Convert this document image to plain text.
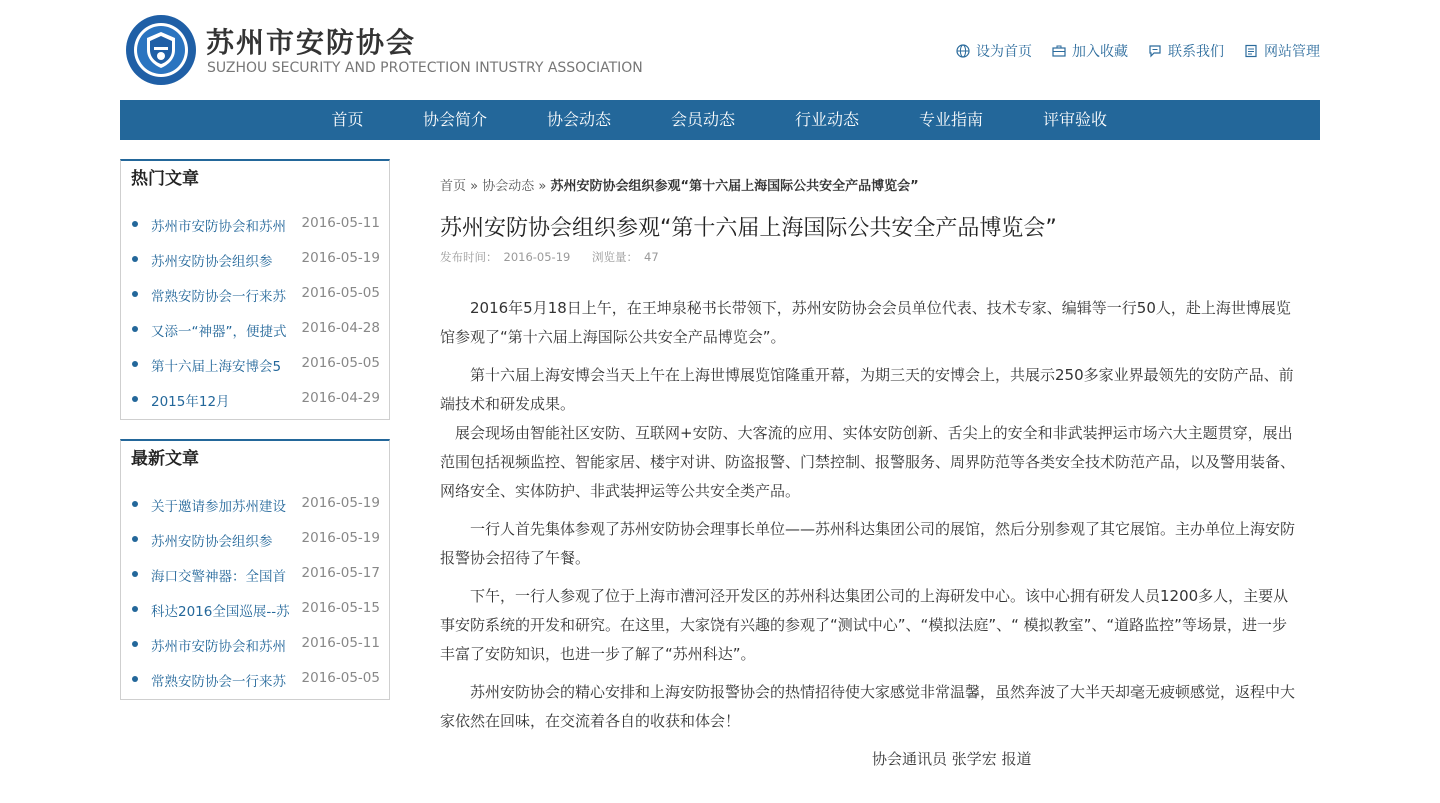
苏州市安防协会
SUZHOU SECURITY AND PROTECTION INTUSTRY ASSOCIATION
设为首页	加入收藏	联系我们	网站管理
首页	协会简介	协会动态	会员动态	行业动态	专业指南	评审验收
热门文章
苏州市安防协会和苏州	2016-05-11
苏州安防协会组织参	2016-05-19
常熟安防协会一行来苏	2016-05-05
又添一“神器”，便捷式	2016-04-28
第十六届上海安博会5	2016-05-05
2015年12月	2016-04-29
最新文章
关于邀请参加苏州建设	2016-05-19
苏州安防协会组织参	2016-05-19
海口交警神器：全国首	2016-05-17
科达2016全国巡展--苏 2016-05-15
苏州市安防协会和苏州	2016-05-11
常熟安防协会一行来苏	2016-05-05
首页 » 协会动态 » 苏州安防协会组织参观“第十六届上海国际公共安全产品博览会”
苏州安防协会组织参观“第十六届上海国际公共安全产品博览会”
发布时间： 2016-05-19 浏览量： 47

2016年5月18日上午，在王坤泉秘书长带领下，苏州安防协会会员单位代表、技术专家、编辑等一行50人，赴上海世博展览馆参观了“第十六届上海国际公共安全产品博览会”。

第十六届上海安博会当天上午在上海世博展览馆隆重开幕，为期三天的安博会上，共展示250多家业界最领先的安防产品、前端技术和研发成果。

展会现场由智能社区安防、互联网+安防、大客流的应用、实体安防创新、舌尖上的安全和非武装押运市场六大主题贯穿，展出范围包括视频监控、智能家居、楼宇对讲、防盗报警、门禁控制、报警服务、周界防范等各类安全技术防范产品，以及警用装备、网络安全、实体防护、非武装押运等公共安全类产品。

一行人首先集体参观了苏州安防协会理事长单位——苏州科达集团公司的展馆，然后分别参观了其它展馆。主办单位上海安防报警协会招待了午餐。

下午，一行人参观了位于上海市漕河泾开发区的苏州科达集团公司的上海研发中心。该中心拥有研发人员1200多人，主要从事安防系统的开发和研究。在这里，大家饶有兴趣的参观了“测试中心”、“模拟法庭”、“ 模拟教室”、“道路监控”等场景，进一步丰富了安防知识，也进一步了解了“苏州科达”。

苏州安防协会的精心安排和上海安防报警协会的热情招待使大家感觉非常温馨，虽然奔波了大半天却毫无疲顿感觉，返程中大家依然在回味，在交流着各自的收获和体会！

协会通讯员 张学宏 报道
